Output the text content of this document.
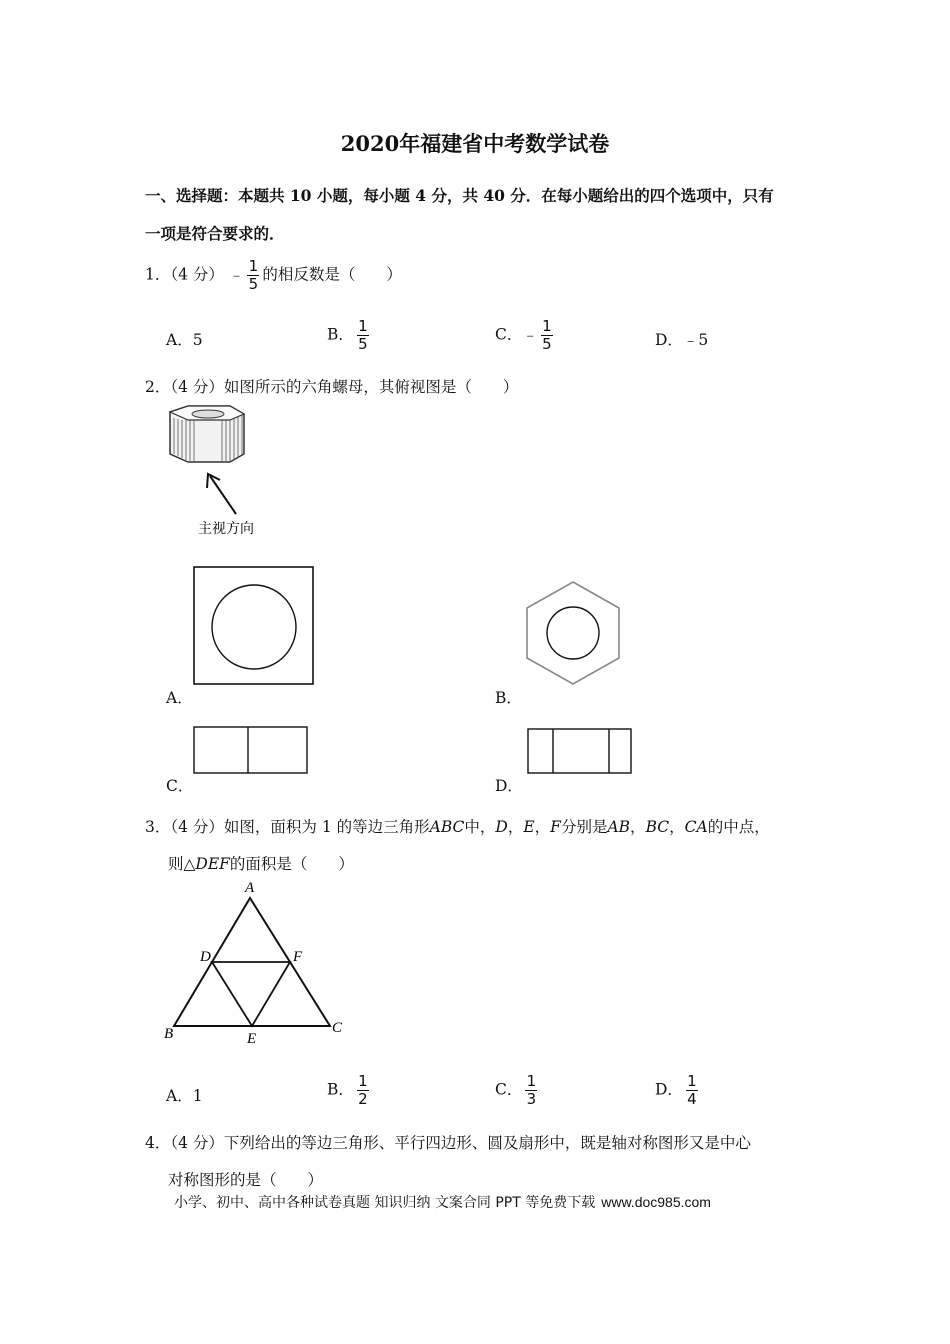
2020年福建省中考数学试卷
一、选择题：本题共 10 小题，每小题 4 分，共 40 分．在每小题给出的四个选项中，只有
一项是符合要求的．
1．（4 分） ﹣ $\frac{1}{5}$ 的相反数是（　　）
A．5	B． $\frac{1}{5}$	C．﹣ $\frac{1}{5}$	D．﹣5
2．（4 分）如图所示的六角螺母，其俯视图是（　　）
主视方向
A．	B．
C．	D．
3．（4 分）如图，面积为 1 的等边三角形ABC中，D，E，F分别是AB，BC，CA的中点，
则△DEF的面积是（　　）
A
B	C
D
E
F
A．1	B． $\frac{1}{2}$	C． $\frac{1}{3}$	D． $\frac{1}{4}$
4．（4 分）下列给出的等边三角形、平行四边形、圆及扇形中，既是轴对称图形又是中心
对称图形的是（　　）
小学、初中、高中各种试卷真题 知识归纳 文案合同 PPT 等免费下载 www.doc985.com
